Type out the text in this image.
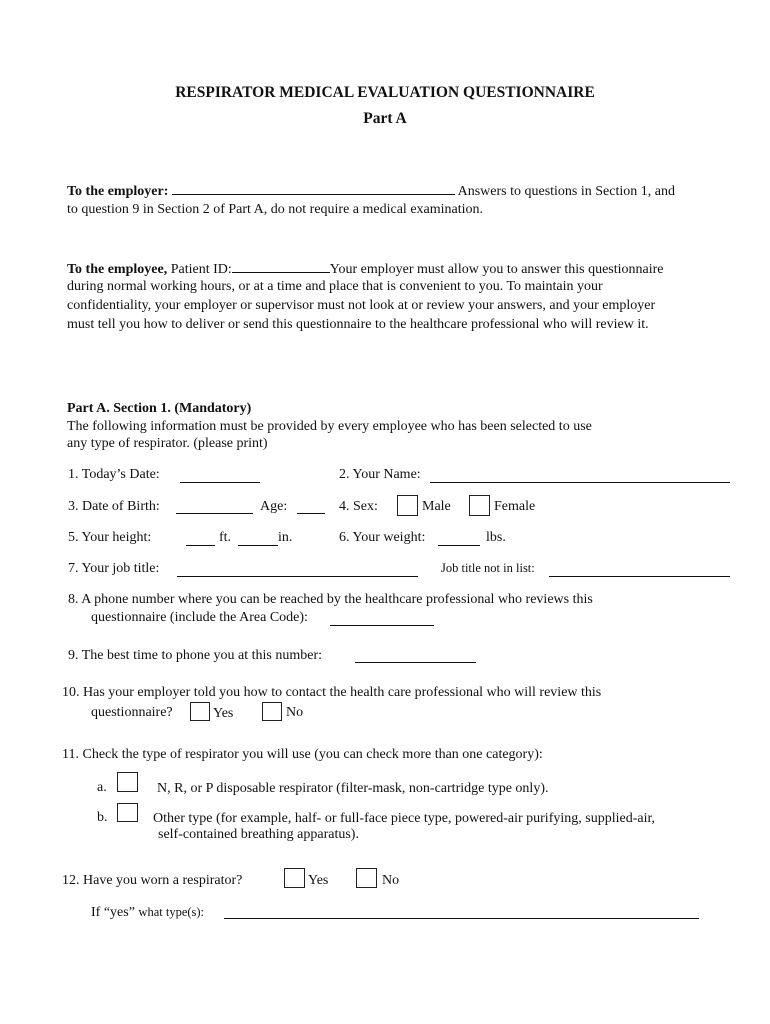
RESPIRATOR MEDICAL EVALUATION QUESTIONNAIRE
Part A
To the employer:	Answers to questions in Section 1, and
to question 9 in Section 2 of Part A, do not require a medical examination.
To the employee, Patient ID:	Your employer must allow you to answer this questionnaire
during normal working hours, or at a time and place that is convenient to you. To maintain your
confidentiality, your employer or supervisor must not look at or review your answers, and your employer
must tell you how to deliver or send this questionnaire to the healthcare professional who will review it.
Part A. Section 1. (Mandatory)
The following information must be provided by every employee who has been selected to use
any type of respirator. (please print)
1. Today’s Date:	2. Your Name:
3. Date of Birth:	Age:	4. Sex:	Male	Female
5. Your height:	ft.	in.	6. Your weight:	lbs.
7. Your job title:	Job title not in list:
8. A phone number where you can be reached by the healthcare professional who reviews this
questionnaire (include the Area Code):
9. The best time to phone you at this number:
10. Has your employer told you how to contact the health care professional who will review this
questionnaire?	Yes	No
11. Check the type of respirator you will use (you can check more than one category):
a.	N, R, or P disposable respirator (filter-mask, non-cartridge type only).
b.	Other type (for example, half- or full-face piece type, powered-air purifying, supplied-air,
self-contained breathing apparatus).
12. Have you worn a respirator?	Yes	No
If “yes” what type(s):
